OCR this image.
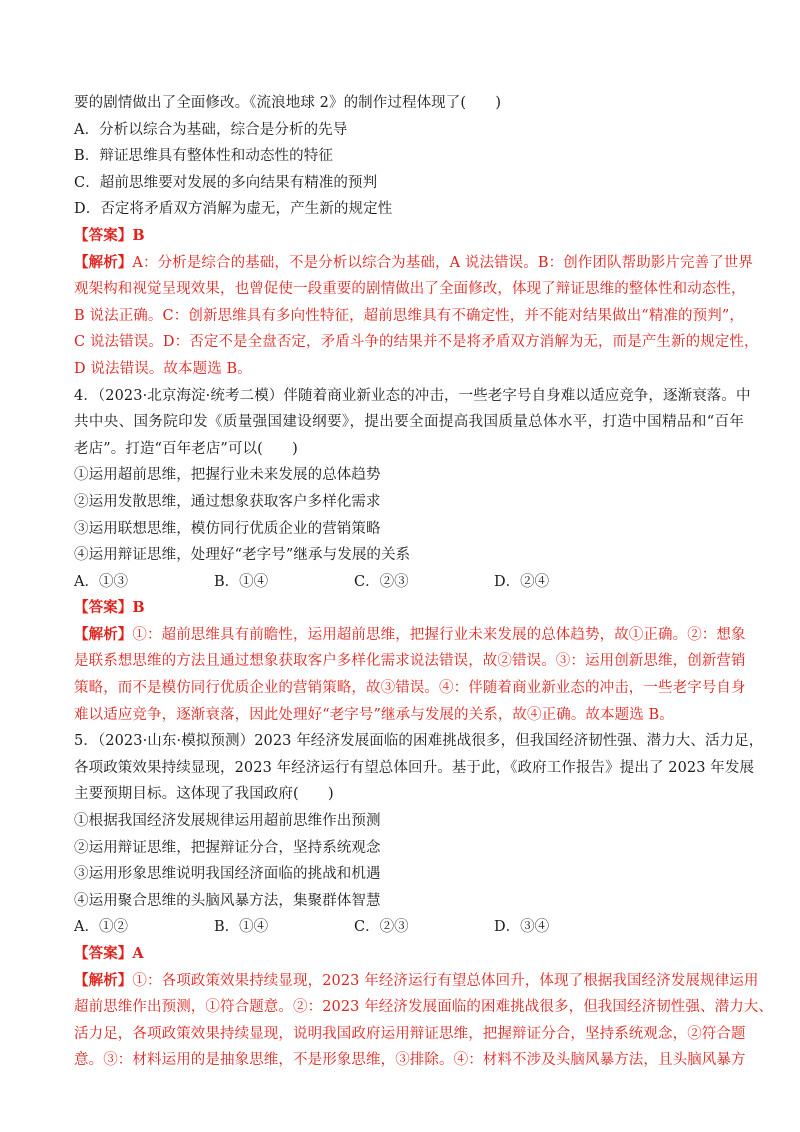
要的剧情做出了全面修改。《流浪地球 2》的制作过程体现了(　　)
A．分析以综合为基础，综合是分析的先导
B．辩证思维具有整体性和动态性的特征
C．超前思维要对发展的多向结果有精准的预判
D．否定将矛盾双方消解为虚无，产生新的规定性
【答案】B
【解析】A：分析是综合的基础，不是分析以综合为基础，A 说法错误。B：创作团队帮助影片完善了世界
观架构和视觉呈现效果，也曾促使一段重要的剧情做出了全面修改，体现了辩证思维的整体性和动态性，
B 说法正确。C：创新思维具有多向性特征，超前思维具有不确定性，并不能对结果做出“精准的预判”，
C 说法错误。D：否定不是全盘否定，矛盾斗争的结果并不是将矛盾双方消解为无，而是产生新的规定性，
D 说法错误。故本题选 B。
4．（2023·北京海淀·统考二模）伴随着商业新业态的冲击，一些老字号自身难以适应竞争，逐渐衰落。中
共中央、国务院印发《质量强国建设纲要》，提出要全面提高我国质量总体水平，打造中国精品和“百年
老店”。打造“百年老店”可以(　　)
①运用超前思维，把握行业未来发展的总体趋势
②运用发散思维，通过想象获取客户多样化需求
③运用联想思维，模仿同行优质企业的营销策略
④运用辩证思维，处理好“老字号”继承与发展的关系
A．①③	B．①④	C．②③	D．②④
【答案】B
【解析】①：超前思维具有前瞻性，运用超前思维，把握行业未来发展的总体趋势，故①正确。②：想象
是联系想思维的方法且通过想象获取客户多样化需求说法错误，故②错误。③：运用创新思维，创新营销
策略，而不是模仿同行优质企业的营销策略，故③错误。④：伴随着商业新业态的冲击，一些老字号自身
难以适应竞争，逐渐衰落，因此处理好“老字号”继承与发展的关系，故④正确。故本题选 B。
5．（2023·山东·模拟预测）2023 年经济发展面临的困难挑战很多，但我国经济韧性强、潜力大、活力足，
各项政策效果持续显现，2023 年经济运行有望总体回升。基于此，《政府工作报告》提出了 2023 年发展
主要预期目标。这体现了我国政府(　　)
①根据我国经济发展规律运用超前思维作出预测
②运用辩证思维，把握辩证分合，坚持系统观念
③运用形象思维说明我国经济面临的挑战和机遇
④运用聚合思维的头脑风暴方法，集聚群体智慧
A．①②	B．①④	C．②③	D．③④
【答案】A
【解析】①：各项政策效果持续显现，2023 年经济运行有望总体回升，体现了根据我国经济发展规律运用
超前思维作出预测，①符合题意。②：2023 年经济发展面临的困难挑战很多，但我国经济韧性强、潜力大、
活力足，各项政策效果持续显现，说明我国政府运用辩证思维，把握辩证分合，坚持系统观念，②符合题
意。③：材料运用的是抽象思维，不是形象思维，③排除。④：材料不涉及头脑风暴方法，且头脑风暴方
